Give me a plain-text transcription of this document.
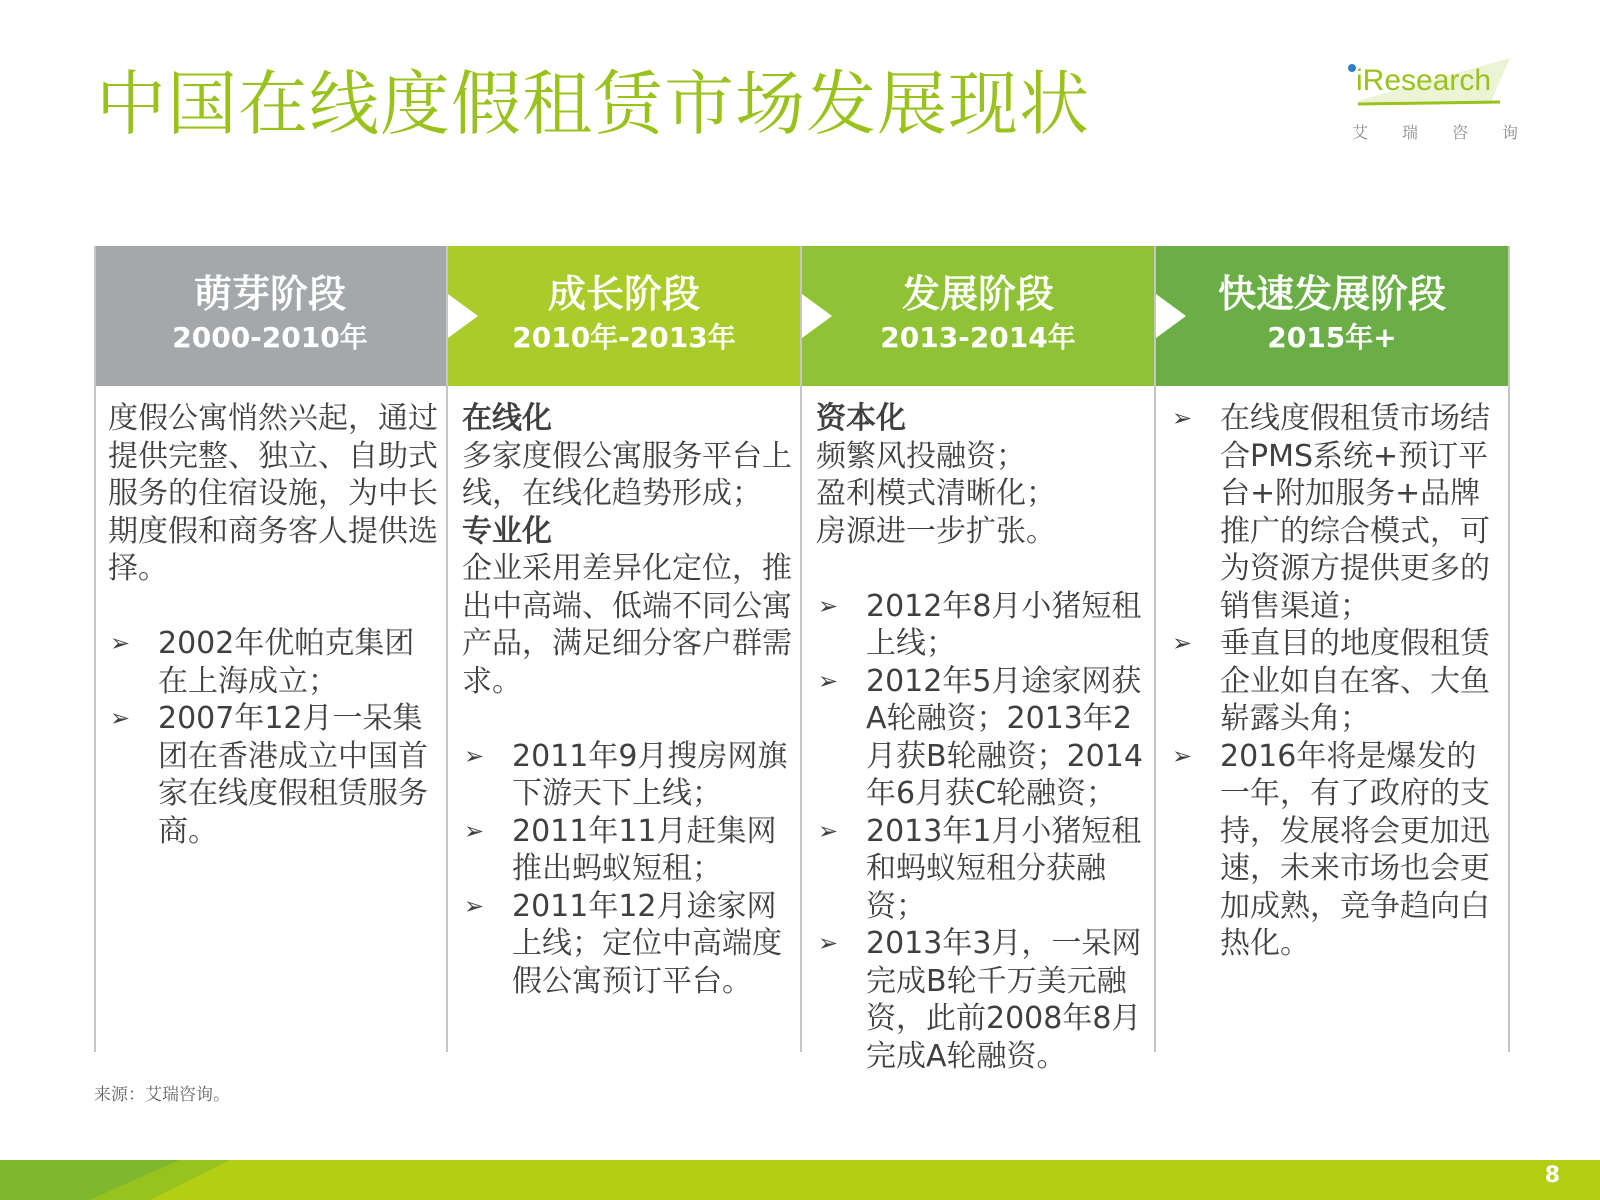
中国在线度假租赁市场发展现状	iResearch
艾 瑞 咨 询
萌芽阶段
2000-2010年

度假公寓悄然兴起，通过提供完整、独立、自助式服务的住宿设施，为中长期度假和商务客人提供选择。

➢ 2002年优帕克集团在上海成立；
➢ 2007年12月一呆集团在香港成立中国首家在线度假租赁服务商。
成长阶段
2010年-2013年

在线化

多家度假公寓服务平台上线，在线化趋势形成；

专业化

企业采用差异化定位，推出中高端、低端不同公寓产品，满足细分客户群需求。

➢ 2011年9月搜房网旗下游天下上线；
➢ 2011年11月赶集网推出蚂蚁短租；
➢ 2011年12月途家网上线；定位中高端度假公寓预订平台。
发展阶段
2013-2014年

资本化

频繁风投融资；

盈利模式清晰化；

房源进一步扩张。

➢ 2012年8月小猪短租上线；
➢ 2012年5月途家网获A轮融资；2013年2月获B轮融资；2014年6月获C轮融资；
➢ 2013年1月小猪短租和蚂蚁短租分获融资；
➢ 2013年3月，一呆网完成B轮千万美元融资，此前2008年8月完成A轮融资。
快速发展阶段
2015年+
➢ 在线度假租赁市场结合PMS系统+预订平台+附加服务+品牌推广的综合模式，可为资源方提供更多的销售渠道；
➢ 垂直目的地度假租赁企业如自在客、大鱼崭露头角；
➢ 2016年将是爆发的一年，有了政府的支持，发展将会更加迅速，未来市场也会更加成熟，竞争趋向白热化。
来源：艾瑞咨询。
8
